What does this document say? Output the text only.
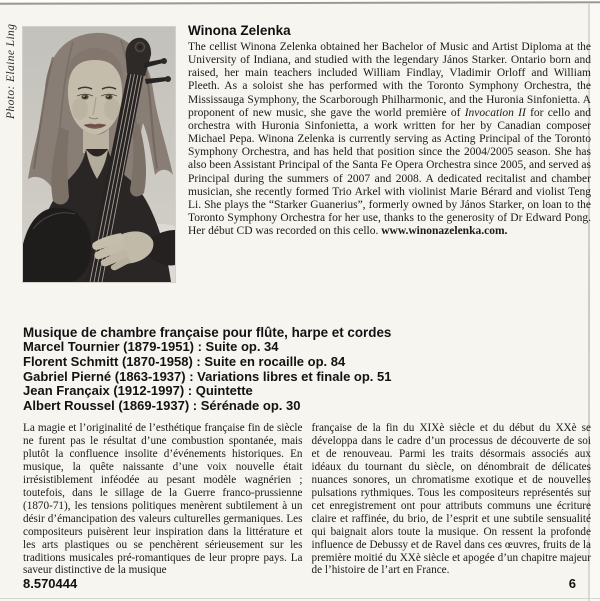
Photo: Elaine Ling	Winona Zelenka

The cellist Winona Zelenka obtained her Bachelor of Music and Artist Diploma at the University of Indiana, and studied with the legendary János Starker. Ontario born and raised, her main teachers included William Findlay, Vladimir Orloff and William Pleeth. As a soloist she has performed with the Toronto Symphony Orchestra, the Mississauga Symphony, the Scarborough Philharmonic, and the Huronia Sinfonietta. A proponent of new music, she gave the world première of Invocation II for cello and orchestra with Huronia Sinfonietta, a work written for her by Canadian composer Michael Pepa. Winona Zelenka is currently serving as Acting Principal of the Toronto Symphony Orchestra, and has held that position since the 2004/2005 season. She has also been Assistant Principal of the Santa Fe Opera Orchestra since 2005, and served as Principal during the summers of 2007 and 2008. A dedicated recitalist and chamber musician, she recently formed Trio Arkel with violinist Marie Bérard and violist Teng Li. She plays the “Starker Guanerius”, formerly owned by János Starker, on loan to the Toronto Symphony Orchestra for her use, thanks to the generosity of Dr Edward Pong. Her début CD was recorded on this cello. www.winonazelenka.com.

Musique de chambre française pour flûte, harpe et cordes

Marcel Tournier (1879-1951) : Suite op. 34
Florent Schmitt (1870-1958) : Suite en rocaille op. 84
Gabriel Pierné (1863-1937) : Variations libres et finale op. 51
Jean Françaix (1912-1997) : Quintette
Albert Roussel (1869-1937) : Sérénade op. 30

La magie et l’originalité de l’esthétique française fin de siècle ne furent pas le résultat d’une combustion spontanée, mais plutôt la confluence insolite d’événements historiques. En musique, la quête naissante d’une voix nouvelle était irrésistiblement inféodée au pesant modèle wagnérien ; toutefois, dans le sillage de la Guerre franco-prussienne (1870-71), les tensions politiques menèrent subtilement à un désir d’émancipation des valeurs culturelles germaniques. Les compositeurs puisèrent leur inspiration dans la littérature et les arts plastiques ou se penchèrent sérieusement sur les traditions musicales pré-romantiques de leur propre pays. La saveur distinctive de la musique

française de la fin du XIXè siècle et du début du XXè se développa dans le cadre d’un processus de découverte de soi et de renouveau. Parmi les traits désormais associés aux idéaux du tournant du siècle, on dénombrait de délicates nuances sonores, un chromatisme exotique et de nouvelles pulsations rythmiques. Tous les compositeurs représentés sur cet enregistrement ont pour attributs communs une écriture claire et raffinée, du brio, de l’esprit et une subtile sensualité qui baignait alors toute la musique. On ressent la profonde influence de Debussy et de Ravel dans ces œuvres, fruits de la première moitié du XXè siècle et apogée d’un chapitre majeur de l’histoire de l’art en France.

8.570444	6
